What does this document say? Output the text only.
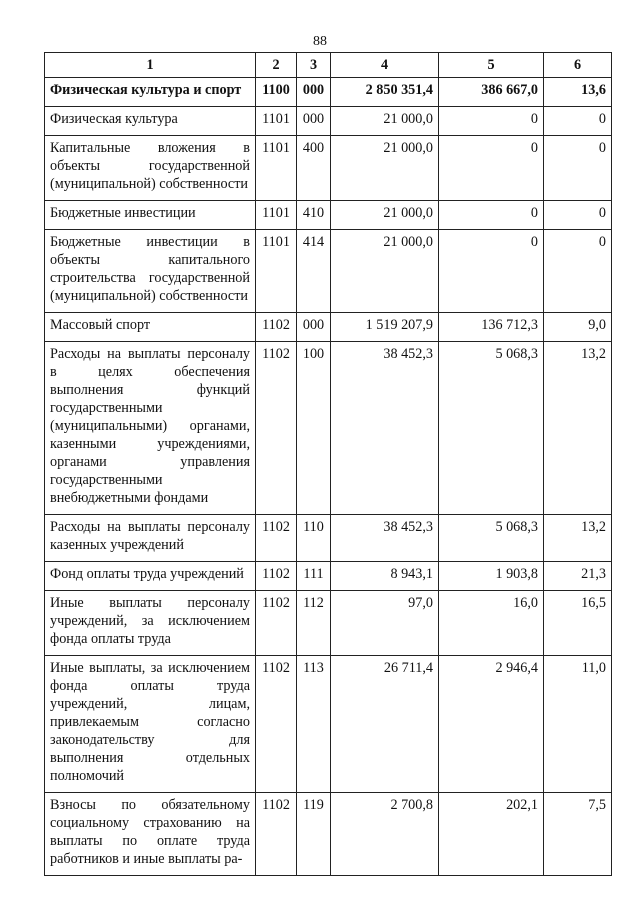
88
1	2	3	4	5	6
Физическая культура и спорт	1100	000	2 850 351,4	386 667,0	13,6
Физическая культура	1101	000	21 000,0	0	0
Капитальные вложения в объекты государственной (муниципальной) собственности	1101	400	21 000,0	0	0
Бюджетные инвестиции	1101	410	21 000,0	0	0
Бюджетные инвестиции в объекты капитального строительства государственной (муниципальной) собственности	1101	414	21 000,0	0	0
Массовый спорт	1102	000	1 519 207,9	136 712,3	9,0
Расходы на выплаты персоналу в целях обеспечения выполнения функций государственными (муниципальными) органами, казенными учреждениями, органами управления государственными внебюджетными фондами	1102	100	38 452,3	5 068,3	13,2
Расходы на выплаты персоналу казенных учреждений	1102	110	38 452,3	5 068,3	13,2
Фонд оплаты труда учреждений	1102	111	8 943,1	1 903,8	21,3
Иные выплаты персоналу учреждений, за исключением фонда оплаты труда	1102	112	97,0	16,0	16,5
Иные выплаты, за исключением фонда оплаты труда учреждений, лицам, привлекаемым согласно законодательству для выполнения отдельных полномочий	1102	113	26 711,4	2 946,4	11,0
Взносы по обязательному социальному страхованию на выплаты по оплате труда работников и иные выплаты ра-	1102	119	2 700,8	202,1	7,5
